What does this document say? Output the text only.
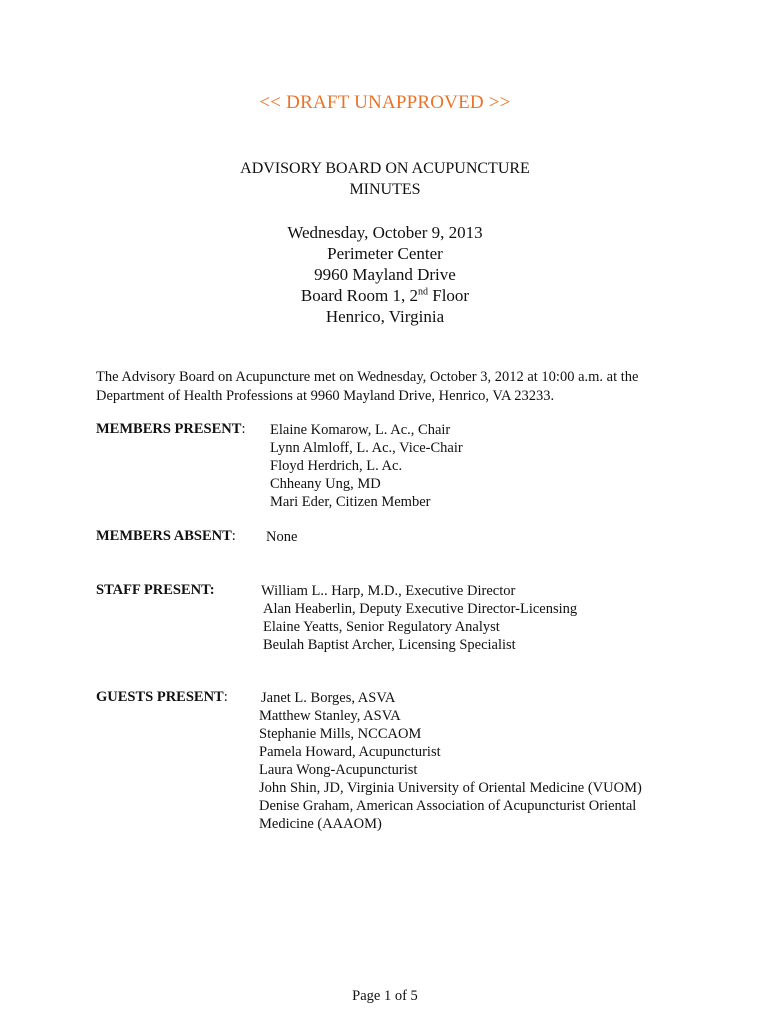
<< DRAFT UNAPPROVED >>
ADVISORY BOARD ON ACUPUNCTURE
MINUTES
Wednesday, October 9, 2013
Perimeter Center
9960 Mayland Drive
Board Room 1, 2nd Floor
Henrico, Virginia
The Advisory Board on Acupuncture met on Wednesday, October 3, 2012 at 10:00 a.m. at the
Department of Health Professions at 9960 Mayland Drive, Henrico, VA 23233.
MEMBERS PRESENT: Elaine Komarow, L. Ac., Chair
Lynn Almloff, L. Ac., Vice-Chair
Floyd Herdrich, L. Ac.
Chheany Ung, MD
Mari Eder, Citizen Member
MEMBERS ABSENT: None
STAFF PRESENT:	William L.. Harp, M.D., Executive Director
Alan Heaberlin, Deputy Executive Director-Licensing
Elaine Yeatts, Senior Regulatory Analyst
Beulah Baptist Archer, Licensing Specialist
GUESTS PRESENT: Janet L. Borges, ASVA
Matthew Stanley, ASVA
Stephanie Mills, NCCAOM
Pamela Howard, Acupuncturist
Laura Wong-Acupuncturist
John Shin, JD, Virginia University of Oriental Medicine (VUOM)
Denise Graham, American Association of Acupuncturist Oriental
Medicine (AAAOM)
Page 1 of 5
